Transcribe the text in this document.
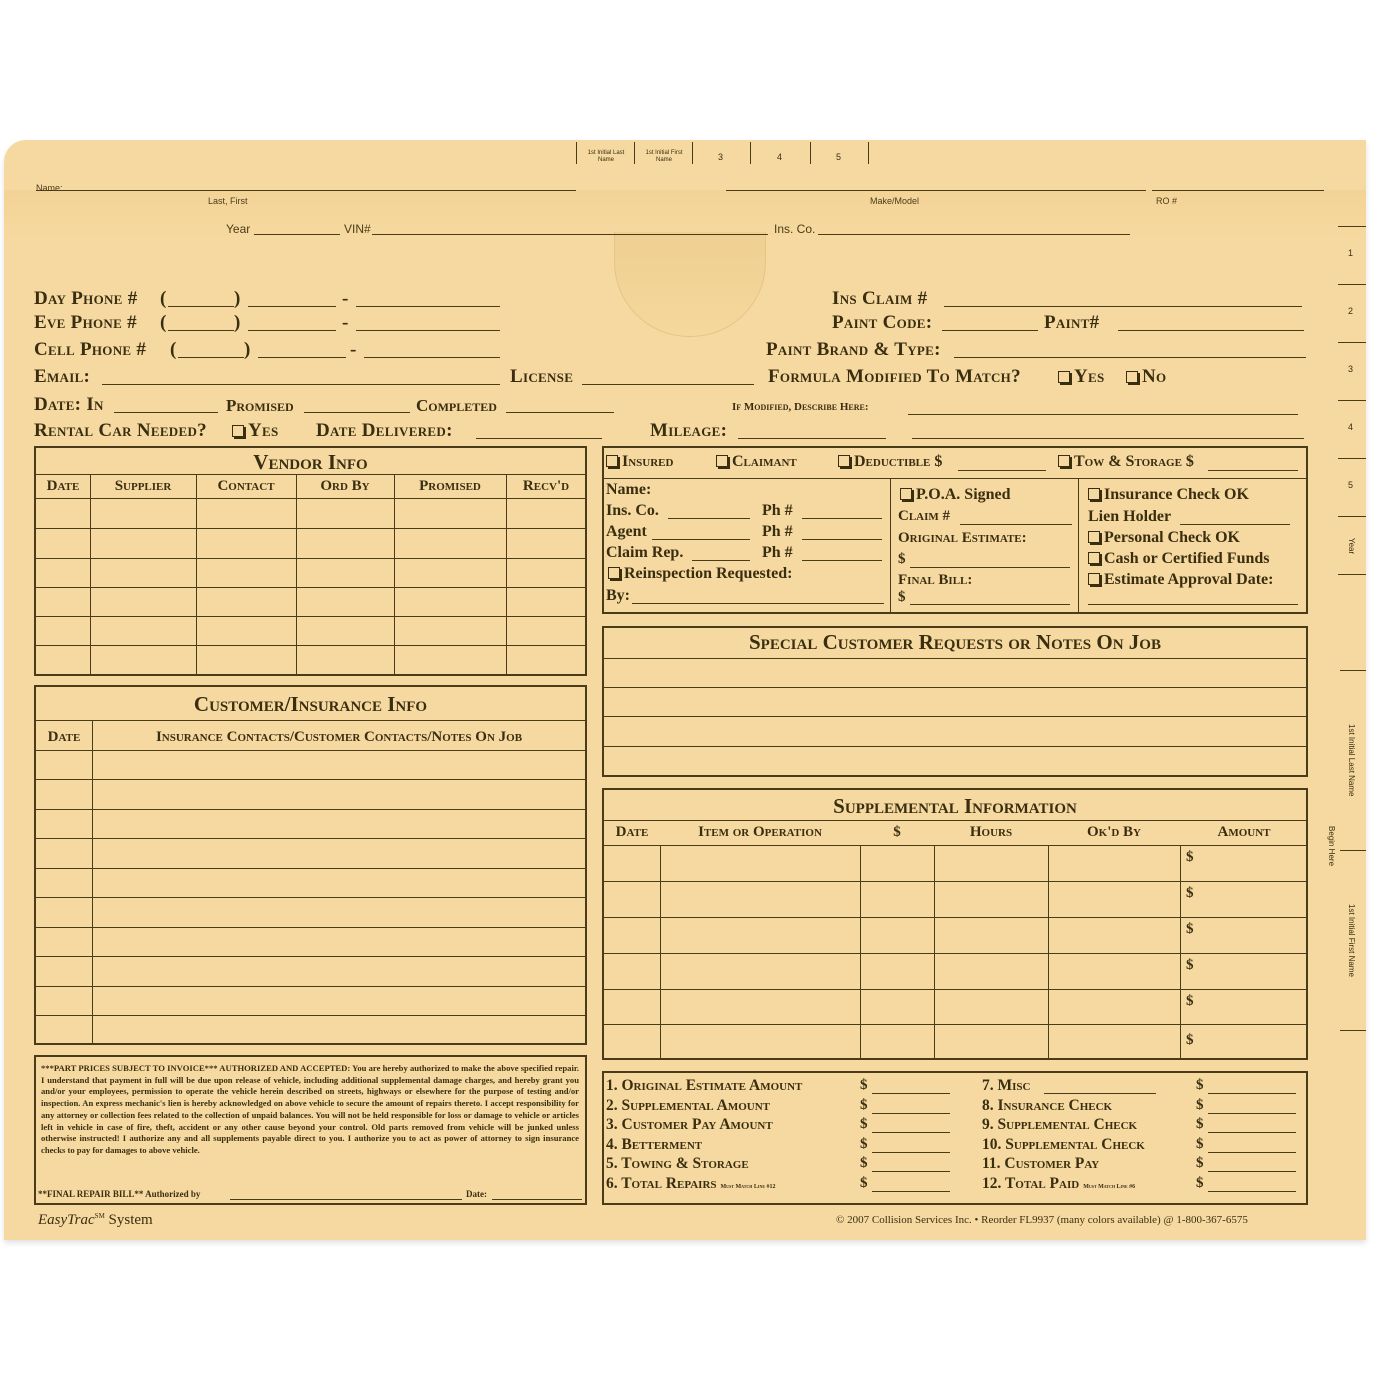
1st Initial Last Name
1st Initial First Name	3	4	5
Name:
Last, First	Make/Model	RO #
Year	VIN#	Ins. Co.
1
2
3
4
5
Year
1st Initial Last Name
Begin Here
1st Initial First Name
Day Phone # (	)	-
Eve Phone # (	)	-
Cell Phone # (	)	-
Email:	License
Date: In	Promised	Completed
Rental Car Needed?	Yes Date Delivered:
Ins Claim #
Paint Code:	Paint#
Paint Brand & Type:
Formula Modified To Match?	Yes	No
If Modified, Describe Here:
Mileage:
Vendor Info
Date	Supplier	Contact	Ord By	Promised	Recv'd
Customer/Insurance Info
Date	Insurance Contacts/Customer Contacts/Notes On Job
***PART PRICES SUBJECT TO INVOICE*** AUTHORIZED AND ACCEPTED: You are hereby authorized to make the above specified repair. I understand that payment in full will be due upon release of vehicle, including additional supplemental damage charges, and hereby grant you and/or your employees, permission to operate the vehicle herein described on streets, highways or elsewhere for the purpose of testing and/or inspection. An express mechanic's lien is hereby acknowledged on above vehicle to secure the amount of repairs thereto. I accept responsibility for any attorney or collection fees related to the collection of unpaid balances. You will not be held responsible for loss or damage to vehicle or articles left in vehicle in case of fire, theft, accident or any other cause beyond your control. Old parts removed from vehicle will be junked unless otherwise instructed! I authorize any and all supplements payable direct to you. I authorize you to act as power of attorney to sign insurance checks to pay for damages to above vehicle.
**FINAL REPAIR BILL** Authorized by	Date:
Insured	Claimant	Deductible $	Tow & Storage $
Name:
Ins. Co.	Ph #
Agent	Ph #
Claim Rep.	Ph #
Reinspection Requested:
By:
P.O.A. Signed
Claim #
Original Estimate:
$
Final Bill:
$
Insurance Check OK
Lien Holder
Personal Check OK
Cash or Certified Funds
Estimate Approval Date:
Special Customer Requests or Notes On Job
Supplemental Information
Date	Item or Operation	$	Hours	Ok'd By	Amount
$
$
$
$
$
$
1. Original Estimate Amount	$
2. Supplemental Amount	$
3. Customer Pay Amount	$
4. Betterment	$
5. Towing & Storage	$
6. Total Repairs Must Match Line #12	$
7. Misc	$
8. Insurance Check	$
9. Supplemental Check	$
10. Supplemental Check	$
11. Customer Pay	$
12. Total Paid Must Match Line #6	$
EasyTrac℠ System	© 2007 Collision Services Inc. • Reorder FL9937 (many colors available) @ 1-800-367-6575
